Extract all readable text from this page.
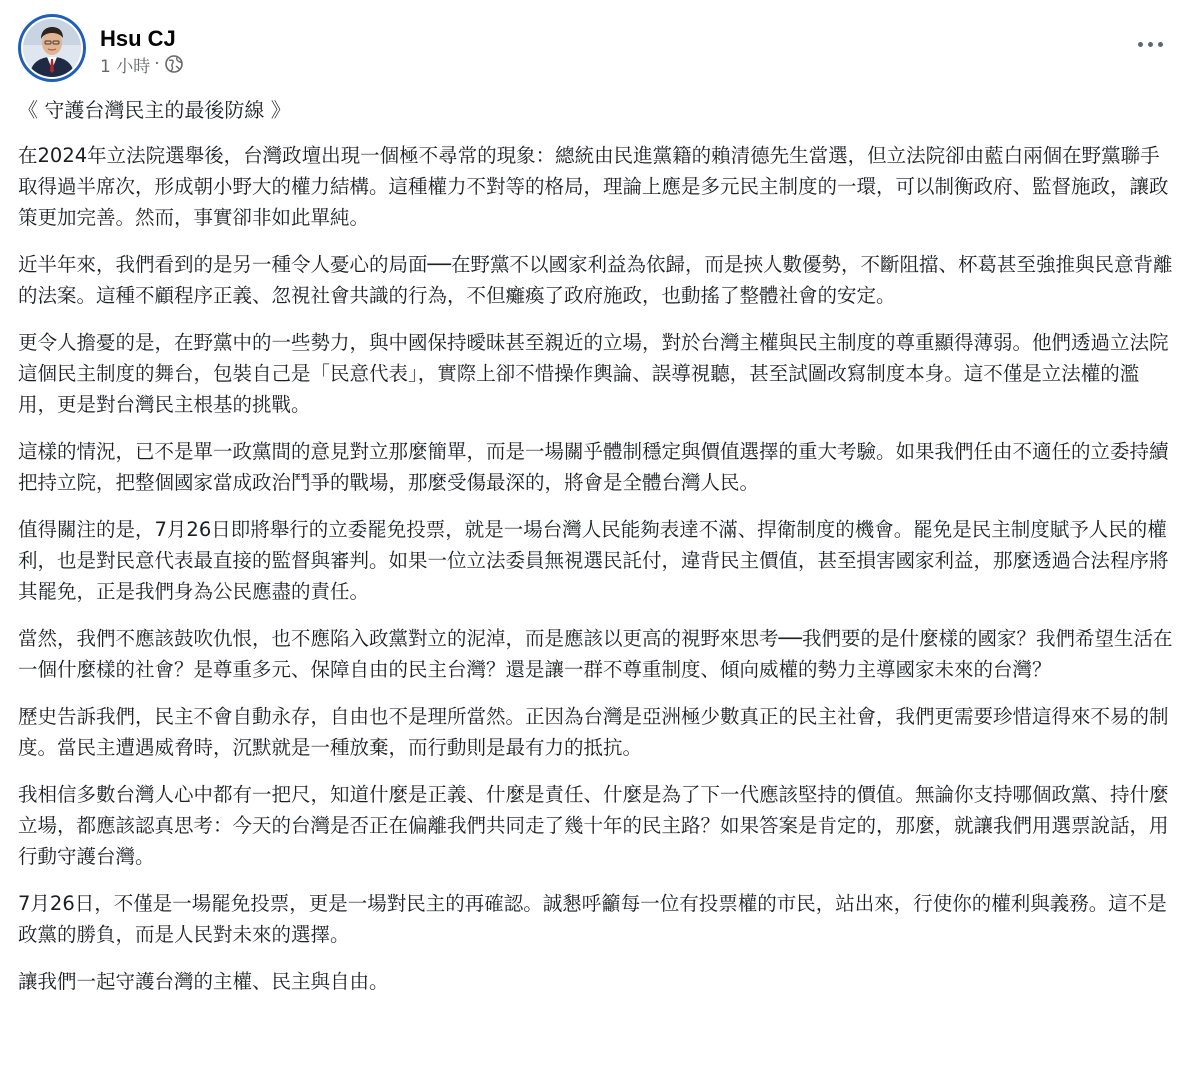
Hsu CJ
1 小時 ·
《 守護台灣民主的最後防線 》

在2024年立法院選舉後，台灣政壇出現一個極不尋常的現象：總統由民進黨籍的賴清德先生當選，但立法院卻由藍白兩個在野黨聯手取得過半席次，形成朝小野大的權力結構。這種權力不對等的格局，理論上應是多元民主制度的一環，可以制衡政府、監督施政，讓政策更加完善。然而，事實卻非如此單純。

近半年來，我們看到的是另一種令人憂心的局面──在野黨不以國家利益為依歸，而是挾人數優勢，不斷阻擋、杯葛甚至強推與民意背離的法案。這種不顧程序正義、忽視社會共識的行為，不但癱瘓了政府施政，也動搖了整體社會的安定。

更令人擔憂的是，在野黨中的一些勢力，與中國保持曖昧甚至親近的立場，對於台灣主權與民主制度的尊重顯得薄弱。他們透過立法院這個民主制度的舞台，包裝自己是「民意代表」，實際上卻不惜操作輿論、誤導視聽，甚至試圖改寫制度本身。這不僅是立法權的濫用，更是對台灣民主根基的挑戰。

這樣的情況，已不是單一政黨間的意見對立那麼簡單，而是一場關乎體制穩定與價值選擇的重大考驗。如果我們任由不適任的立委持續把持立院，把整個國家當成政治鬥爭的戰場，那麼受傷最深的，將會是全體台灣人民。

值得關注的是，7月26日即將舉行的立委罷免投票，就是一場台灣人民能夠表達不滿、捍衛制度的機會。罷免是民主制度賦予人民的權利，也是對民意代表最直接的監督與審判。如果一位立法委員無視選民託付，違背民主價值，甚至損害國家利益，那麼透過合法程序將其罷免，正是我們身為公民應盡的責任。

當然，我們不應該鼓吹仇恨，也不應陷入政黨對立的泥淖，而是應該以更高的視野來思考──我們要的是什麼樣的國家？我們希望生活在一個什麼樣的社會？是尊重多元、保障自由的民主台灣？還是讓一群不尊重制度、傾向威權的勢力主導國家未來的台灣？

歷史告訴我們，民主不會自動永存，自由也不是理所當然。正因為台灣是亞洲極少數真正的民主社會，我們更需要珍惜這得來不易的制度。當民主遭遇威脅時，沉默就是一種放棄，而行動則是最有力的抵抗。

我相信多數台灣人心中都有一把尺，知道什麼是正義、什麼是責任、什麼是為了下一代應該堅持的價值。無論你支持哪個政黨、持什麼立場，都應該認真思考：今天的台灣是否正在偏離我們共同走了幾十年的民主路？如果答案是肯定的，那麼，就讓我們用選票說話，用行動守護台灣。

7月26日，不僅是一場罷免投票，更是一場對民主的再確認。誠懇呼籲每一位有投票權的市民，站出來，行使你的權利與義務。這不是政黨的勝負，而是人民對未來的選擇。

讓我們一起守護台灣的主權、民主與自由。
